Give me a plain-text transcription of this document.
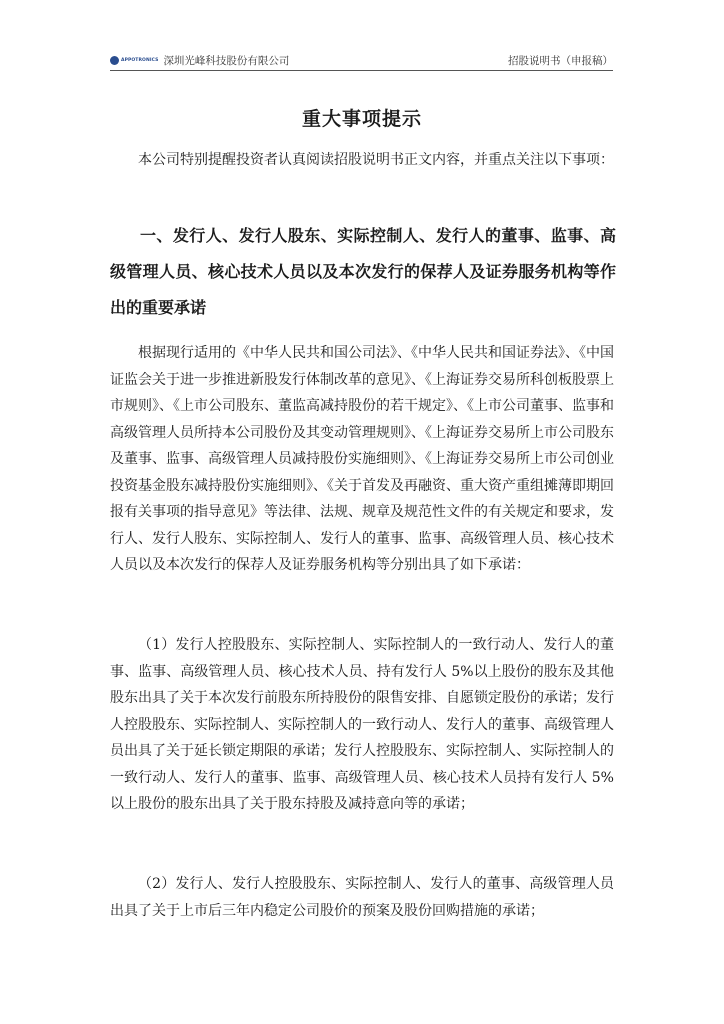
APPOTRONICS 深圳光峰科技股份有限公司	招股说明书（申报稿）
重大事项提示
本公司特别提醒投资者认真阅读招股说明书正文内容，并重点关注以下事项：
一、发行人、发行人股东、实际控制人、发行人的董事、监事、高级管理人员、核心技术人员以及本次发行的保荐人及证券服务机构等作出的重要承诺
根据现行适用的《中华人民共和国公司法》、《中华人民共和国证券法》、《中国证监会关于进一步推进新股发行体制改革的意见》、《上海证券交易所科创板股票上市规则》、《上市公司股东、董监高减持股份的若干规定》、《上市公司董事、监事和高级管理人员所持本公司股份及其变动管理规则》、《上海证券交易所上市公司股东及董事、监事、高级管理人员减持股份实施细则》、《上海证券交易所上市公司创业投资基金股东减持股份实施细则》、《关于首发及再融资、重大资产重组摊薄即期回报有关事项的指导意见》等法律、法规、规章及规范性文件的有关规定和要求，发行人、发行人股东、实际控制人、发行人的董事、监事、高级管理人员、核心技术人员以及本次发行的保荐人及证券服务机构等分别出具了如下承诺：
（1）发行人控股股东、实际控制人、实际控制人的一致行动人、发行人的董事、监事、高级管理人员、核心技术人员、持有发行人 5%以上股份的股东及其他股东出具了关于本次发行前股东所持股份的限售安排、自愿锁定股份的承诺；发行人控股股东、实际控制人、实际控制人的一致行动人、发行人的董事、高级管理人员出具了关于延长锁定期限的承诺；发行人控股股东、实际控制人、实际控制人的一致行动人、发行人的董事、监事、高级管理人员、核心技术人员持有发行人 5%以上股份的股东出具了关于股东持股及减持意向等的承诺；
（2）发行人、发行人控股股东、实际控制人、发行人的董事、高级管理人员出具了关于上市后三年内稳定公司股价的预案及股份回购措施的承诺；
